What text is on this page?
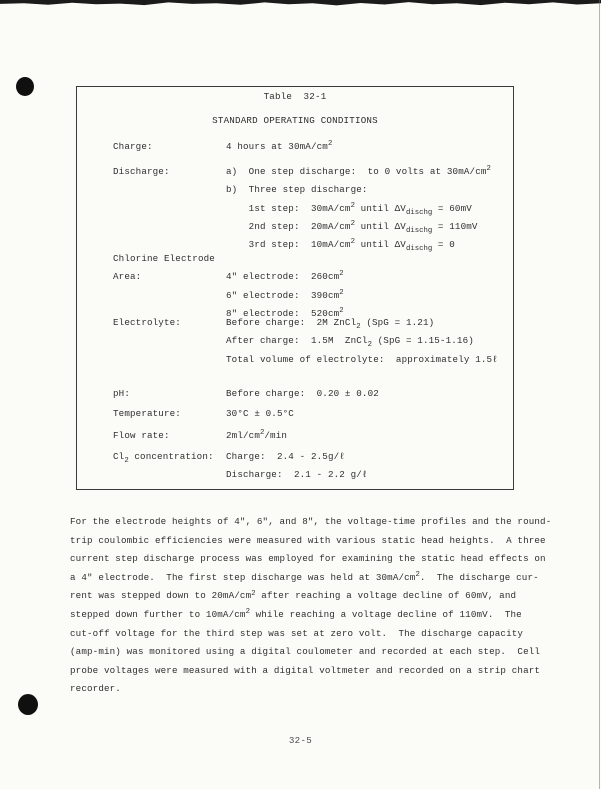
Table  32-1
STANDARD OPERATING CONDITIONS
Charge:	4 hours at $30mA/cm^2$
Discharge:	a)  One step discharge:  to 0 volts at $30mA/cm^2$
b)  Three step discharge:
1st step:  $30mA/cm^2$ until $\Delta V_{dischg} = 60mV$
2nd step:  $20mA/cm^2$ until $\Delta V_{dischg} = 110mV$
3rd step:  $10mA/cm^2$ until $\Delta V_{dischg} = 0$
Chlorine Electrode
Area:	4" electrode:  $260cm^2$
6" electrode:  $390cm^2$
8" electrode:  $520cm^2$
Electrolyte:	Before charge:  2M ZnCl$_2$ (SpG = 1.21)
After charge:  1.5M  ZnCl$_2$ (SpG = 1.15-1.16)
Total volume of electrolyte:  approximately 1.5ℓ
pH:	Before charge:  0.20 ± 0.02
Temperature:	30°C ± 0.5°C
Flow rate:	$2ml/cm^2/\min$
$Cl_2$ concentration:	Charge:  2.4 - 2.5g/ℓ
Discharge:  2.1 - 2.2 g/ℓ
For the electrode heights of 4", 6", and 8", the voltage-time profiles and the round-
trip coulombic efficiencies were measured with various static head heights.  A three
current step discharge process was employed for examining the static head effects on
a 4" electrode.  The first step discharge was held at $30mA/cm^2$.  The discharge cur-
rent was stepped down to $20mA/cm^2$ after reaching a voltage decline of 60mV, and
stepped down further to $10mA/cm^2$ while reaching a voltage decline of 110mV.  The
cut-off voltage for the third step was set at zero volt.  The discharge capacity
(amp-min) was monitored using a digital coulometer and recorded at each step.  Cell
probe voltages were measured with a digital voltmeter and recorded on a strip chart
recorder.
32-5
